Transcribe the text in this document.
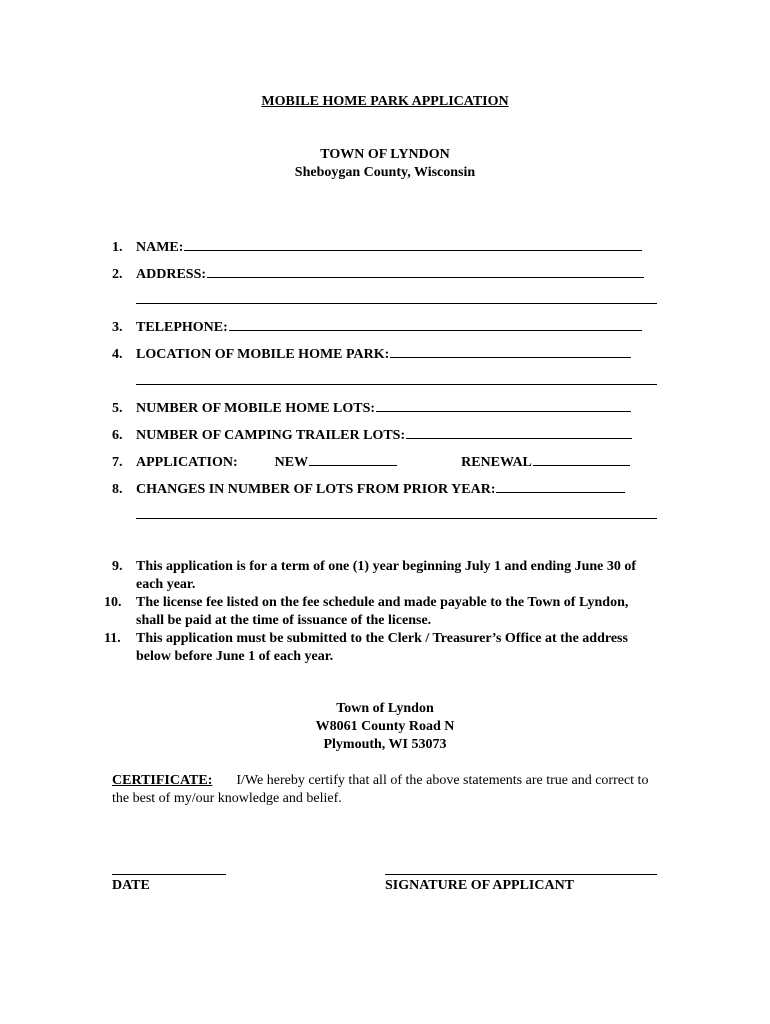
MOBILE HOME PARK APPLICATION
TOWN OF LYNDON
Sheboygan County, Wisconsin
1. NAME:
2. ADDRESS:
3. TELEPHONE:
4. LOCATION OF MOBILE HOME PARK:
5. NUMBER OF MOBILE HOME LOTS:
6. NUMBER OF CAMPING TRAILER LOTS:
7. APPLICATION:	NEW	RENEWAL
8. CHANGES IN NUMBER OF LOTS FROM PRIOR YEAR:
9. This application is for a term of one (1) year beginning July 1 and ending June 30 of each year.
10.	The license fee listed on the fee schedule and made payable to the Town of Lyndon, shall be paid at the time of issuance of the license.
11.	This application must be submitted to the Clerk / Treasurer’s Office at the address below before June 1 of each year.
Town of Lyndon
W8061 County Road N
Plymouth, WI 53073
CERTIFICATE: I/We hereby certify that all of the above statements are true and correct to the best of my/our knowledge and belief.
DATE	SIGNATURE OF APPLICANT
